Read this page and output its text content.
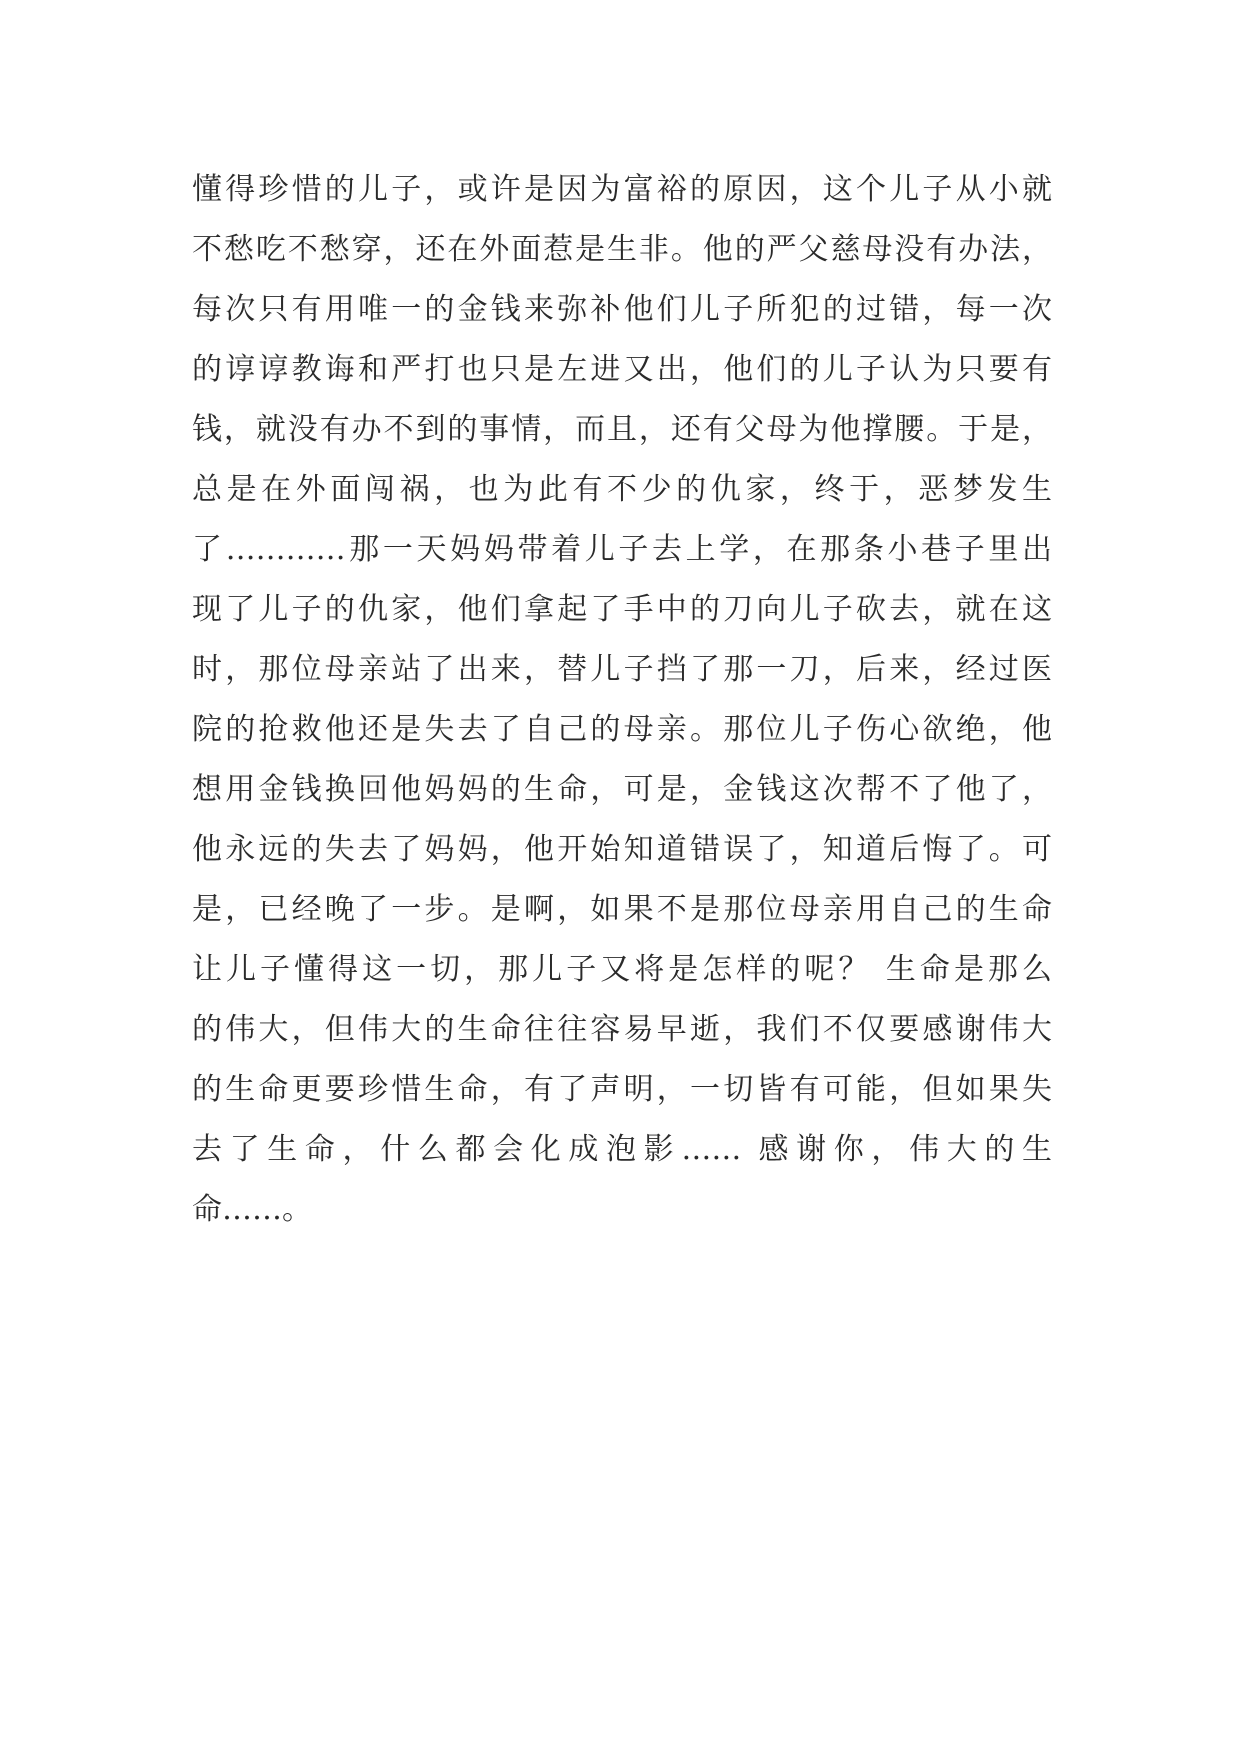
懂得珍惜的儿子，或许是因为富裕的原因，这个儿子从小就
不愁吃不愁穿，还在外面惹是生非。他的严父慈母没有办法，
每次只有用唯一的金钱来弥补他们儿子所犯的过错，每一次
的谆谆教诲和严打也只是左进又出，他们的儿子认为只要有
钱，就没有办不到的事情，而且，还有父母为他撑腰。于是，
总是在外面闯祸，也为此有不少的仇家，终于，恶梦发生
了…………那一天妈妈带着儿子去上学，在那条小巷子里出
现了儿子的仇家，他们拿起了手中的刀向儿子砍去，就在这
时，那位母亲站了出来，替儿子挡了那一刀，后来，经过医
院的抢救他还是失去了自己的母亲。那位儿子伤心欲绝，他
想用金钱换回他妈妈的生命，可是，金钱这次帮不了他了，
他永远的失去了妈妈，他开始知道错误了，知道后悔了。可
是，已经晚了一步。是啊，如果不是那位母亲用自己的生命
让儿子懂得这一切，那儿子又将是怎样的呢？ 生命是那么
的伟大，但伟大的生命往往容易早逝，我们不仅要感谢伟大
的生命更要珍惜生命，有了声明，一切皆有可能，但如果失
去了生命，什么都会化成泡影…… 感谢你，伟大的生
命……。
